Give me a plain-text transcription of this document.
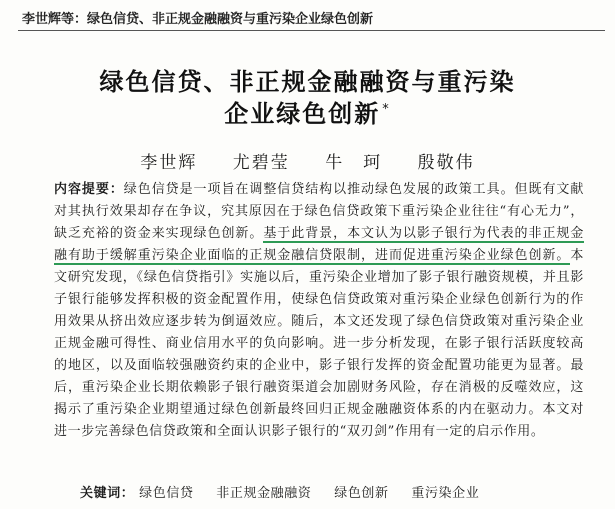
李世辉等：绿色信贷、非正规金融融资与重污染企业绿色创新
绿色信贷、非正规金融融资与重污染
企业绿色创新 *
李世辉 尤碧莹 牛　珂 殷敬伟
内容提要：绿色信贷是一项旨在调整信贷结构以推动绿色发展的政策工具。但既有文献对其执行效果却存在争议，究其原因在于绿色信贷政策下重污染企业往往“有心无力”，缺乏充裕的资金来实现绿色创新。基于此背景，本文认为以影子银行为代表的非正规金融有助于缓解重污染企业面临的正规金融信贷限制，进而促进重污染企业绿色创新。本文研究发现，《绿色信贷指引》实施以后，重污染企业增加了影子银行融资规模，并且影子银行能够发挥积极的资金配置作用，使绿色信贷政策对重污染企业绿色创新行为的作用效果从挤出效应逐步转为倒逼效应。随后，本文还发现了绿色信贷政策对重污染企业正规金融可得性、商业信用水平的负向影响。进一步分析发现，在影子银行活跃度较高的地区，以及面临较强融资约束的企业中，影子银行发挥的资金配置功能更为显著。最后，重污染企业长期依赖影子银行融资渠道会加剧财务风险，存在消极的反噬效应，这揭示了重污染企业期望通过绿色创新最终回归正规金融融资体系的内在驱动力。本文对进一步完善绿色信贷政策和全面认识影子银行的“双刃剑”作用有一定的启示作用。
关键词： 绿色信贷 非正规金融融资 绿色创新 重污染企业
